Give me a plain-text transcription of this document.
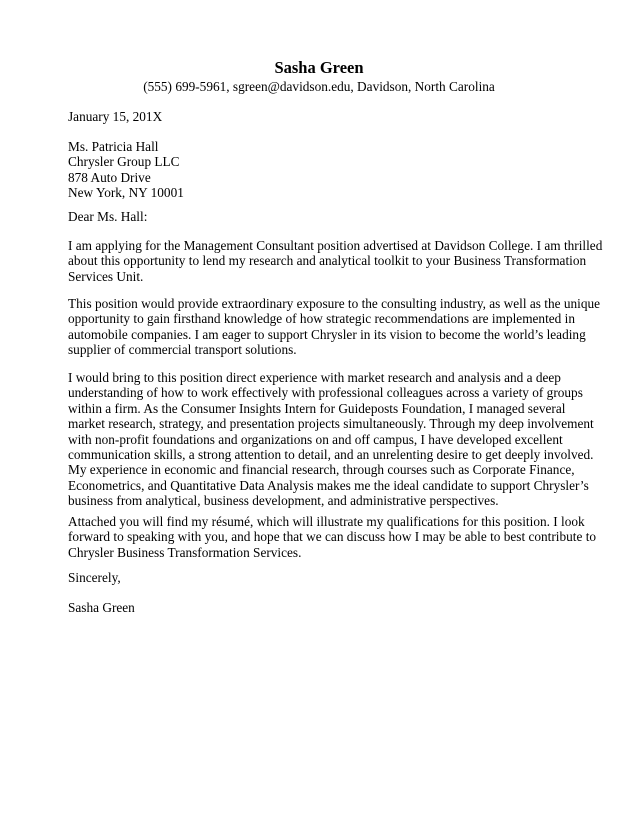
Sasha Green
(555) 699-5961, sgreen@davidson.edu, Davidson, North Carolina
January 15, 201X
Ms. Patricia Hall
Chrysler Group LLC
878 Auto Drive
New York, NY 10001
Dear Ms. Hall:
I am applying for the Management Consultant position advertised at Davidson College. I am thrilled
about this opportunity to lend my research and analytical toolkit to your Business Transformation
Services Unit.
This position would provide extraordinary exposure to the consulting industry, as well as the unique
opportunity to gain firsthand knowledge of how strategic recommendations are implemented in
automobile companies. I am eager to support Chrysler in its vision to become the world’s leading
supplier of commercial transport solutions.
I would bring to this position direct experience with market research and analysis and a deep
understanding of how to work effectively with professional colleagues across a variety of groups
within a firm. As the Consumer Insights Intern for Guideposts Foundation, I managed several
market research, strategy, and presentation projects simultaneously. Through my deep involvement
with non-profit foundations and organizations on and off campus, I have developed excellent
communication skills, a strong attention to detail, and an unrelenting desire to get deeply involved.
My experience in economic and financial research, through courses such as Corporate Finance,
Econometrics, and Quantitative Data Analysis makes me the ideal candidate to support Chrysler’s
business from analytical, business development, and administrative perspectives.
Attached you will find my résumé, which will illustrate my qualifications for this position. I look
forward to speaking with you, and hope that we can discuss how I may be able to best contribute to
Chrysler Business Transformation Services.
Sincerely,
Sasha Green
